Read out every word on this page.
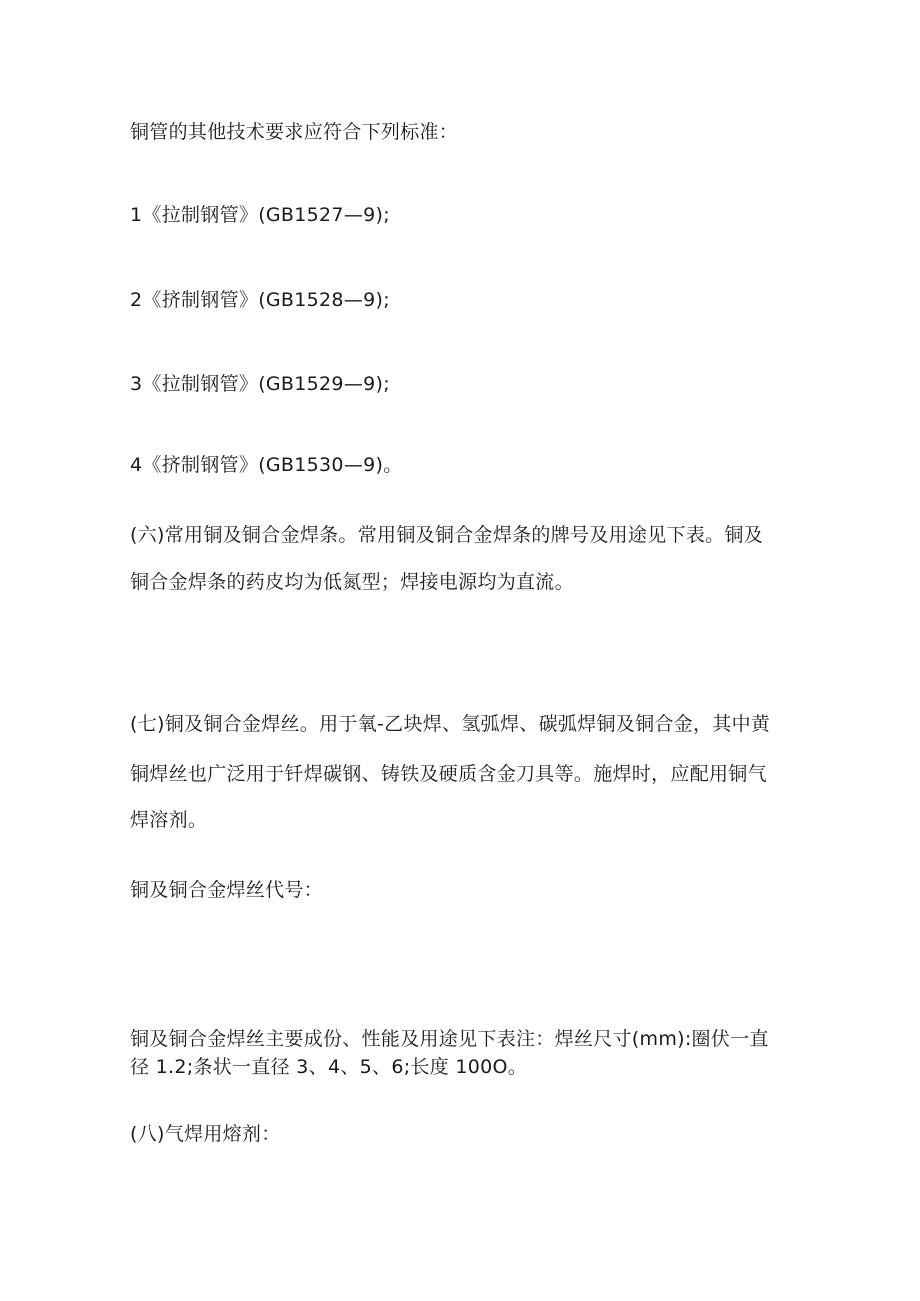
铜管的其他技术要求应符合下列标准：
1《拉制钢管》(GB1527—9);
2《挤制钢管》(GB1528—9);
3《拉制钢管》(GB1529—9);
4《挤制钢管》(GB1530—9)。
(六)常用铜及铜合金焊条。常用铜及铜合金焊条的牌号及用途见下表。铜及
铜合金焊条的药皮均为低氮型；焊接电源均为直流。
(七)铜及铜合金焊丝。用于氧-乙块焊、氢弧焊、碳弧焊铜及铜合金，其中黄
铜焊丝也广泛用于钎焊碳钢、铸铁及硬质含金刀具等。施焊时，应配用铜气
焊溶剂。
铜及铜合金焊丝代号：
铜及铜合金焊丝主要成份、性能及用途见下表注：焊丝尺寸(mm):圈伏一直
径 1.2;条状一直径 3、4、5、6;长度 100O。
(八)气焊用熔剂：
